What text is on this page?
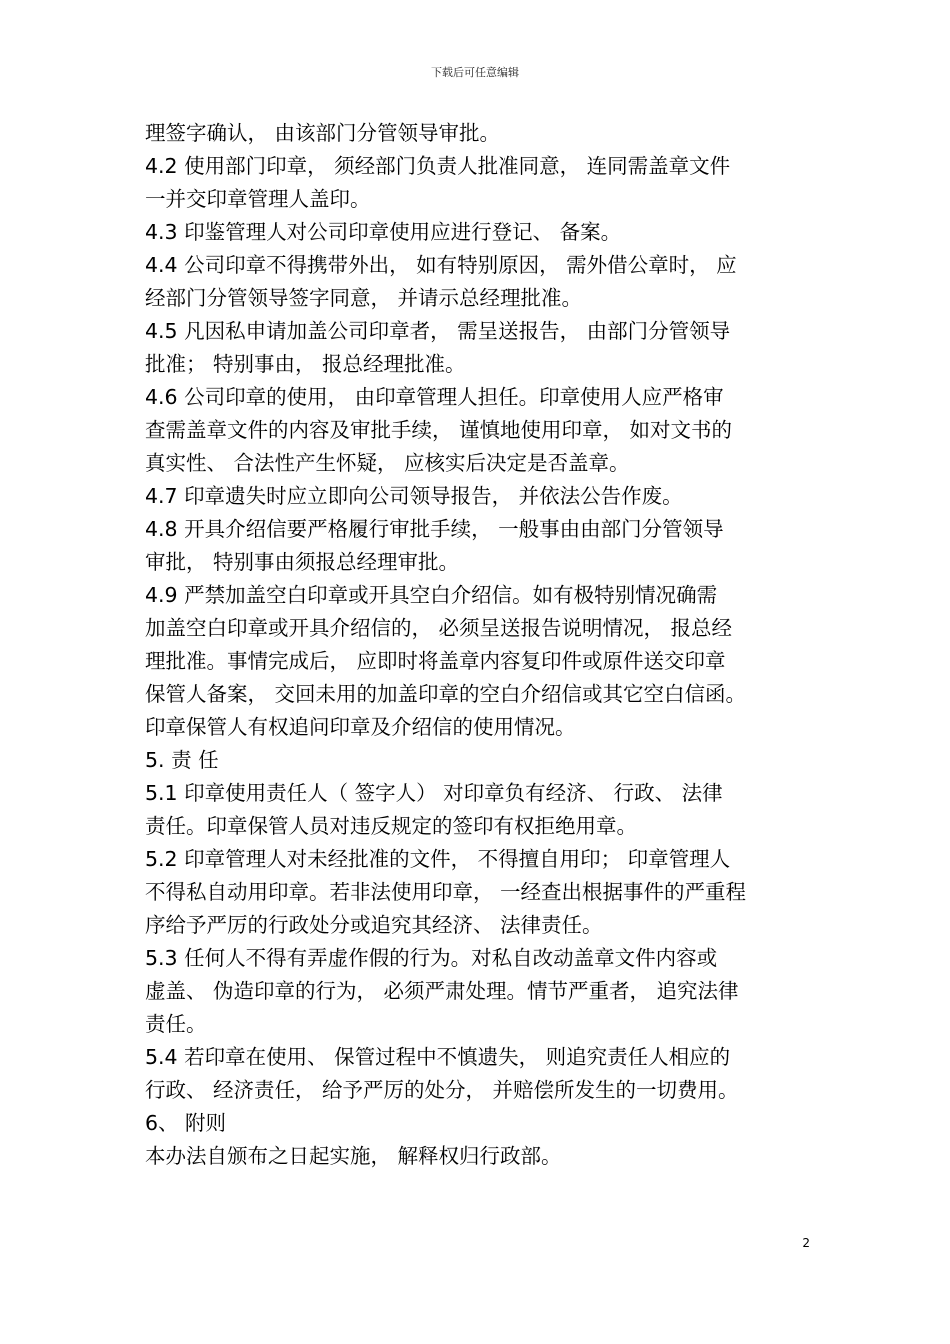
下载后可任意编辑
理签字确认， 由该部门分管领导审批。
4.2 使用部门印章， 须经部门负责人批准同意， 连同需盖章文件
一并交印章管理人盖印。
4.3 印鉴管理人对公司印章使用应进行登记、 备案。
4.4 公司印章不得携带外出， 如有特别原因， 需外借公章时， 应
经部门分管领导签字同意， 并请示总经理批准。
4.5 凡因私申请加盖公司印章者， 需呈送报告， 由部门分管领导
批准； 特别事由， 报总经理批准。
4.6 公司印章的使用， 由印章管理人担任。印章使用人应严格审
查需盖章文件的内容及审批手续， 谨慎地使用印章， 如对文书的
真实性、 合法性产生怀疑， 应核实后决定是否盖章。
4.7 印章遗失时应立即向公司领导报告， 并依法公告作废。
4.8 开具介绍信要严格履行审批手续， 一般事由由部门分管领导
审批， 特别事由须报总经理审批。
4.9 严禁加盖空白印章或开具空白介绍信。如有极特别情况确需
加盖空白印章或开具介绍信的， 必须呈送报告说明情况， 报总经
理批准。事情完成后， 应即时将盖章内容复印件或原件送交印章
保管人备案， 交回未用的加盖印章的空白介绍信或其它空白信函。
印章保管人有权追问印章及介绍信的使用情况。
5. 责 任
5.1 印章使用责任人（ 签字人） 对印章负有经济、 行政、 法律
责任。印章保管人员对违反规定的签印有权拒绝用章。
5.2 印章管理人对未经批准的文件， 不得擅自用印； 印章管理人
不得私自动用印章。若非法使用印章， 一经查出根据事件的严重程
序给予严厉的行政处分或追究其经济、 法律责任。
5.3 任何人不得有弄虚作假的行为。对私自改动盖章文件内容或
虚盖、 伪造印章的行为， 必须严肃处理。情节严重者， 追究法律
责任。
5.4 若印章在使用、 保管过程中不慎遗失， 则追究责任人相应的
行政、 经济责任， 给予严厉的处分， 并赔偿所发生的一切费用。
6、 附则
本办法自颁布之日起实施， 解释权归行政部。
2
